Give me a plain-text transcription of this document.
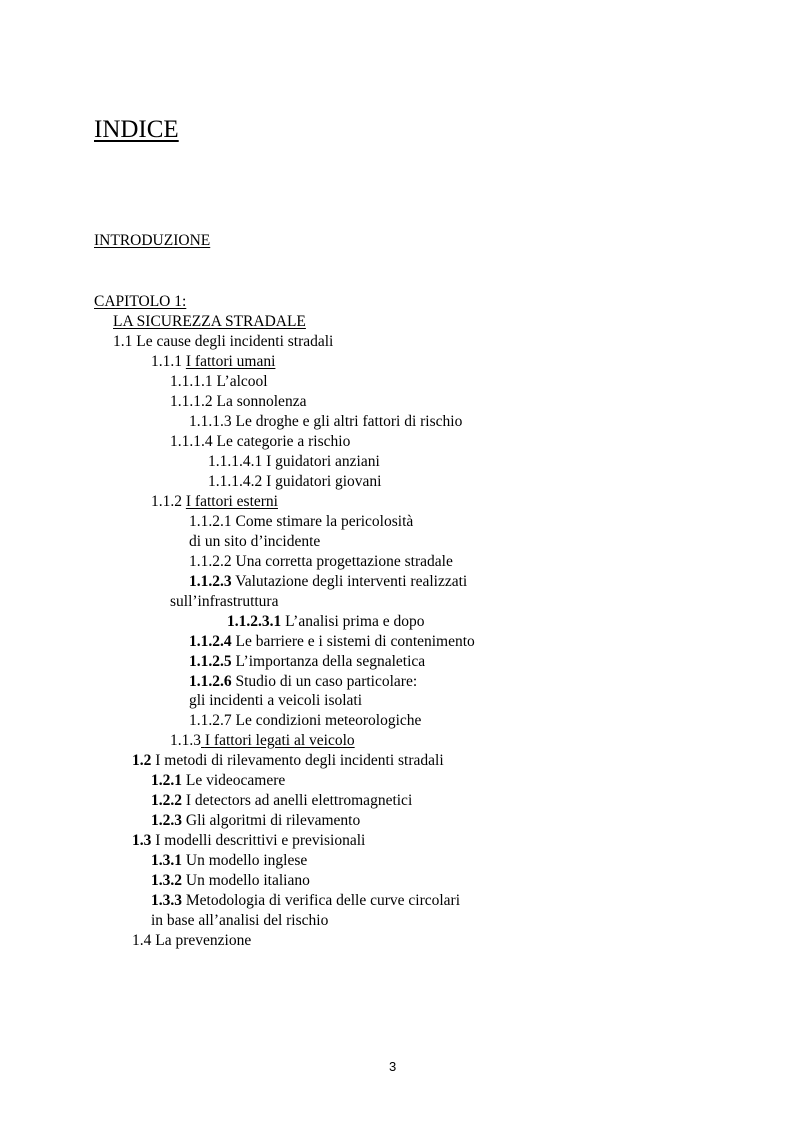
INDICE
INTRODUZIONE
CAPITOLO 1:
LA SICUREZZA STRADALE
1.1 Le cause degli incidenti stradali
1.1.1 I fattori umani
1.1.1.1 L’alcool
1.1.1.2 La sonnolenza
1.1.1.3 Le droghe e gli altri fattori di rischio
1.1.1.4 Le categorie a rischio
1.1.1.4.1 I guidatori anziani
1.1.1.4.2 I guidatori giovani
1.1.2 I fattori esterni
1.1.2.1 Come stimare la pericolosità
di un sito d’incidente
1.1.2.2 Una corretta progettazione stradale
1.1.2.3 Valutazione degli interventi realizzati
sull’infrastruttura
1.1.2.3.1 L’analisi prima e dopo
1.1.2.4 Le barriere e i sistemi di contenimento
1.1.2.5 L’importanza della segnaletica
1.1.2.6 Studio di un caso particolare:
gli incidenti a veicoli isolati
1.1.2.7 Le condizioni meteorologiche
1.1.3 I fattori legati al veicolo
1.2 I metodi di rilevamento degli incidenti stradali
1.2.1 Le videocamere
1.2.2 I detectors ad anelli elettromagnetici
1.2.3 Gli algoritmi di rilevamento
1.3 I modelli descrittivi e previsionali
1.3.1 Un modello inglese
1.3.2 Un modello italiano
1.3.3 Metodologia di verifica delle curve circolari
in base all’analisi del rischio
1.4 La prevenzione
3
